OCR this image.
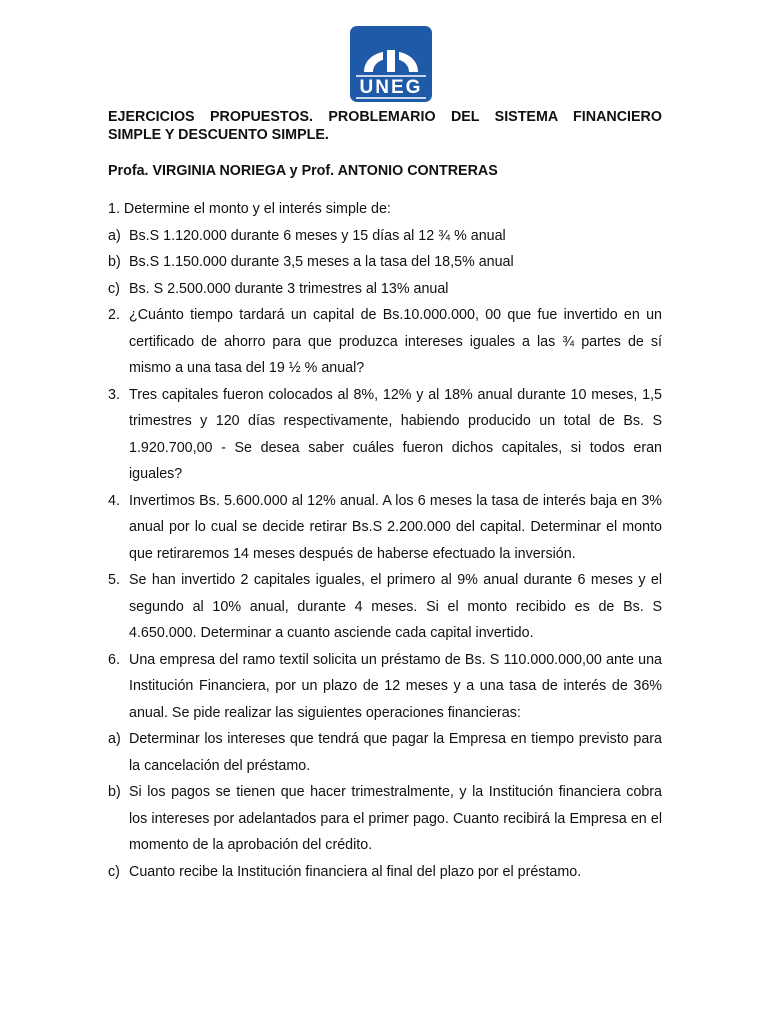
UNEG
EJERCICIOS PROPUESTOS. PROBLEMARIO DEL SISTEMA FINANCIERO
SIMPLE Y DESCUENTO SIMPLE.

Profa. VIRGINIA NORIEGA y Prof. ANTONIO CONTRERAS

1. Determine el monto y el interés simple de:

a) Bs.S 1.120.000 durante 6 meses y 15 días al 12 ¾ % anual
b) Bs.S 1.150.000 durante 3,5 meses a la tasa del 18,5% anual
c) Bs. S 2.500.000 durante 3 trimestres al 13% anual
2. ¿Cuánto tiempo tardará un capital de Bs.10.000.000, 00 que fue invertido en un certificado de ahorro para que produzca intereses iguales a las ¾ partes de sí mismo a una tasa del 19 ½ % anual?
3. Tres capitales fueron colocados al 8%, 12% y al 18% anual durante 10 meses, 1,5 trimestres y 120 días respectivamente, habiendo producido un total de Bs. S 1.920.700,00 - Se desea saber cuáles fueron dichos capitales, si todos eran iguales?
4. Invertimos Bs. 5.600.000 al 12% anual. A los 6 meses la tasa de interés baja en 3% anual por lo cual se decide retirar Bs.S 2.200.000 del capital. Determinar el monto que retiraremos 14 meses después de haberse efectuado la inversión.
5. Se han invertido 2 capitales iguales, el primero al 9% anual durante 6 meses y el segundo al 10% anual, durante 4 meses. Si el monto recibido es de Bs. S 4.650.000. Determinar a cuanto asciende cada capital invertido.
6. Una empresa del ramo textil solicita un préstamo de Bs. S 110.000.000,00 ante una Institución Financiera, por un plazo de 12 meses y a una tasa de interés de 36% anual. Se pide realizar las siguientes operaciones financieras:
a) Determinar los intereses que tendrá que pagar la Empresa en tiempo previsto para la cancelación del préstamo.
b) Si los pagos se tienen que hacer trimestralmente, y la Institución financiera cobra los intereses por adelantados para el primer pago. Cuanto recibirá la Empresa en el momento de la aprobación del crédito.
c) Cuanto recibe la Institución financiera al final del plazo por el préstamo.
